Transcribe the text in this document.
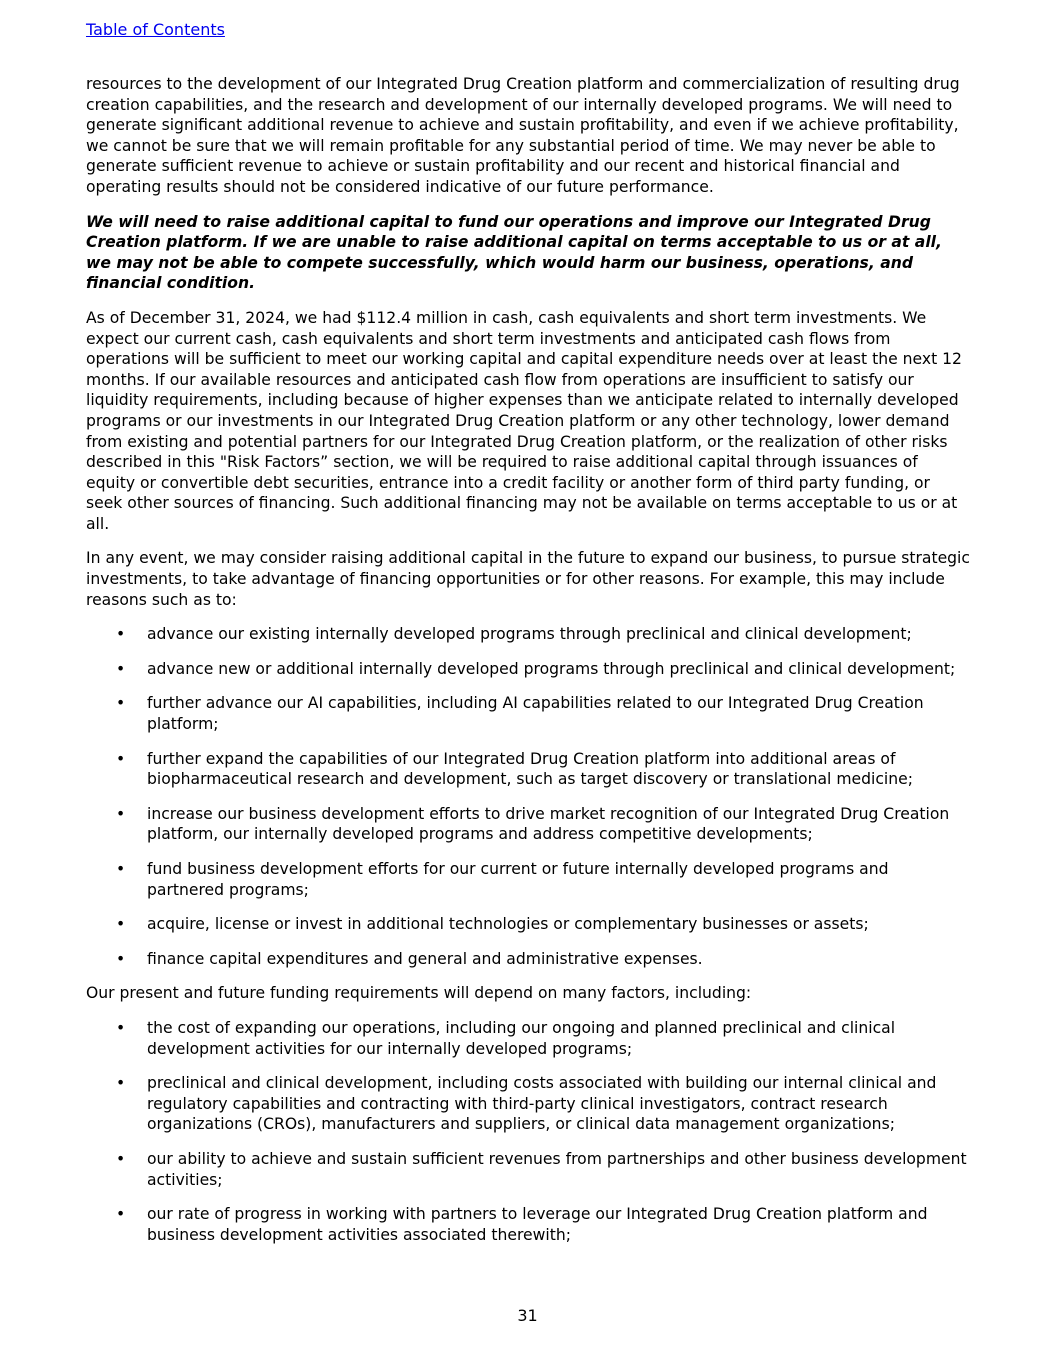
Table of Contents

resources to the development of our Integrated Drug Creation platform and commercialization of resulting drug creation capabilities, and the research and development of our internally developed programs. We will need to generate significant additional revenue to achieve and sustain profitability, and even if we achieve profitability, we cannot be sure that we will remain profitable for any substantial period of time. We may never be able to generate sufficient revenue to achieve or sustain profitability and our recent and historical financial and operating results should not be considered indicative of our future performance.

We will need to raise additional capital to fund our operations and improve our Integrated Drug Creation platform. If we are unable to raise additional capital on terms acceptable to us or at all, we may not be able to compete successfully, which would harm our business, operations, and financial condition.

As of December 31, 2024, we had $112.4 million in cash, cash equivalents and short term investments. We expect our current cash, cash equivalents and short term investments and anticipated cash flows from operations will be sufficient to meet our working capital and capital expenditure needs over at least the next 12 months. If our available resources and anticipated cash flow from operations are insufficient to satisfy our liquidity requirements, including because of higher expenses than we anticipate related to internally developed programs or our investments in our Integrated Drug Creation platform or any other technology, lower demand from existing and potential partners for our Integrated Drug Creation platform, or the realization of other risks described in this "Risk Factors” section, we will be required to raise additional capital through issuances of equity or convertible debt securities, entrance into a credit facility or another form of third party funding, or seek other sources of financing. Such additional financing may not be available on terms acceptable to us or at all.

In any event, we may consider raising additional capital in the future to expand our business, to pursue strategic investments, to take advantage of financing opportunities or for other reasons. For example, this may include reasons such as to:

• advance our existing internally developed programs through preclinical and clinical development;
• advance new or additional internally developed programs through preclinical and clinical development;
• further advance our AI capabilities, including AI capabilities related to our Integrated Drug Creation platform;
• further expand the capabilities of our Integrated Drug Creation platform into additional areas of biopharmaceutical research and development, such as target discovery or translational medicine;
• increase our business development efforts to drive market recognition of our Integrated Drug Creation platform, our internally developed programs and address competitive developments;
• fund business development efforts for our current or future internally developed programs and partnered programs;
• acquire, license or invest in additional technologies or complementary businesses or assets;
• finance capital expenditures and general and administrative expenses.

Our present and future funding requirements will depend on many factors, including:

• the cost of expanding our operations, including our ongoing and planned preclinical and clinical development activities for our internally developed programs;
• preclinical and clinical development, including costs associated with building our internal clinical and regulatory capabilities and contracting with third-party clinical investigators, contract research organizations (CROs), manufacturers and suppliers, or clinical data management organizations;
• our ability to achieve and sustain sufficient revenues from partnerships and other business development activities;
• our rate of progress in working with partners to leverage our Integrated Drug Creation platform and business development activities associated therewith;
31
